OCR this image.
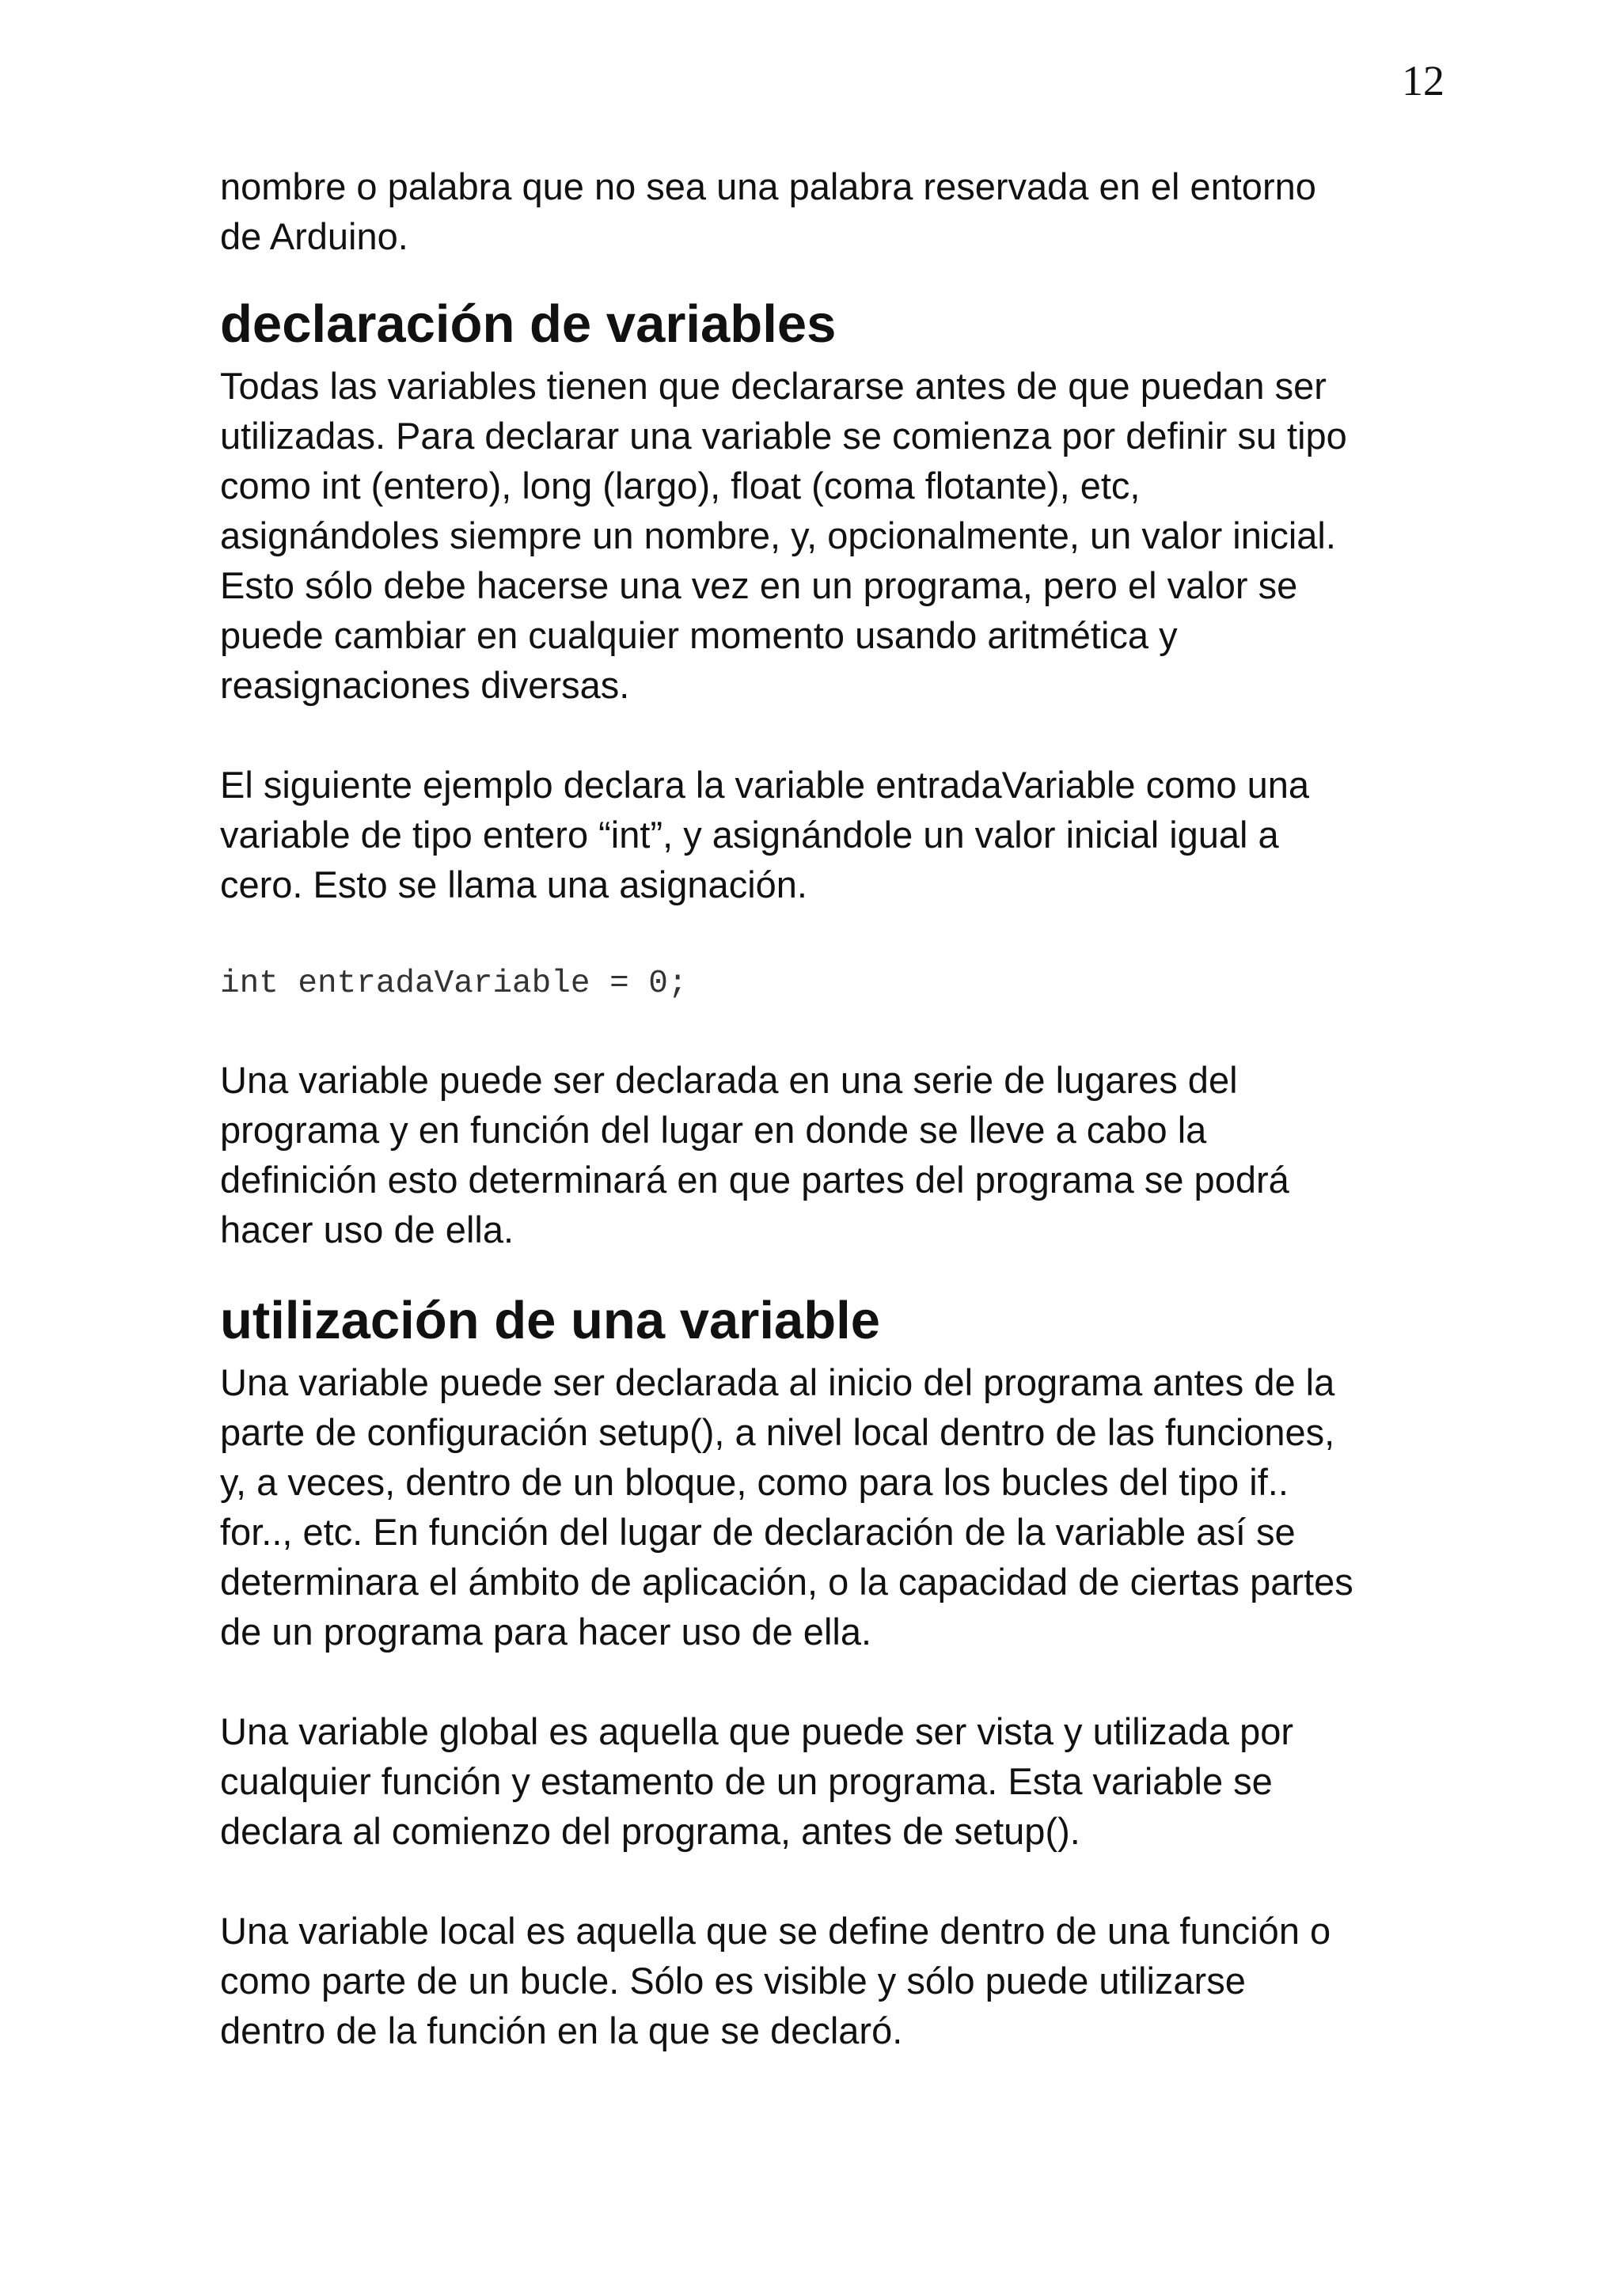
12

nombre o palabra que no sea una palabra reservada en el entorno
de Arduino.

declaración de variables

Todas las variables tienen que declararse antes de que puedan ser
utilizadas. Para declarar una variable se comienza por definir su tipo
como int (entero), long (largo), float (coma flotante), etc,
asignándoles siempre un nombre, y, opcionalmente, un valor inicial.
Esto sólo debe hacerse una vez en un programa, pero el valor se
puede cambiar en cualquier momento usando aritmética y
reasignaciones diversas.

El siguiente ejemplo declara la variable entradaVariable como una
variable de tipo entero “int”, y asignándole un valor inicial igual a
cero. Esto se llama una asignación.

int entradaVariable = 0;

Una variable puede ser declarada en una serie de lugares del
programa y en función del lugar en donde se lleve a cabo la
definición esto determinará en que partes del programa se podrá
hacer uso de ella.

utilización de una variable

Una variable puede ser declarada al inicio del programa antes de la
parte de configuración setup(), a nivel local dentro de las funciones,
y, a veces, dentro de un bloque, como para los bucles del tipo if..
for.., etc. En función del lugar de declaración de la variable así se
determinara el ámbito de aplicación, o la capacidad de ciertas partes
de un programa para hacer uso de ella.

Una variable global es aquella que puede ser vista y utilizada por
cualquier función y estamento de un programa. Esta variable se
declara al comienzo del programa, antes de setup().

Una variable local es aquella que se define dentro de una función o
como parte de un bucle. Sólo es visible y sólo puede utilizarse
dentro de la función en la que se declaró.
